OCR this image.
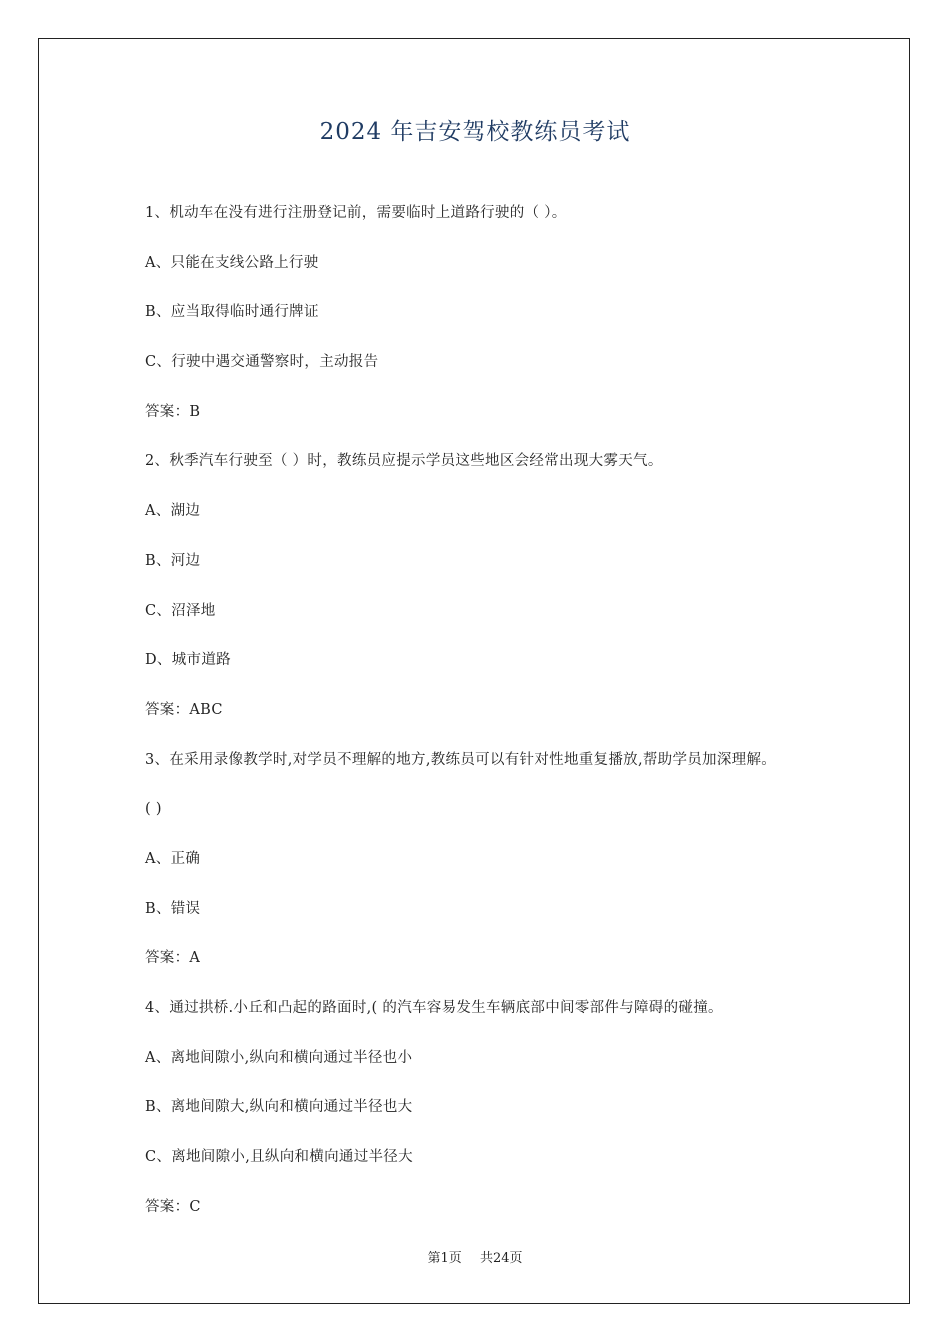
2024 年吉安驾校教练员考试
1、机动车在没有进行注册登记前，需要临时上道路行驶的（ ）。
A、只能在支线公路上行驶
B、应当取得临时通行牌证
C、行驶中遇交通警察时，主动报告
答案：B
2、秋季汽车行驶至（ ）时，教练员应提示学员这些地区会经常出现大雾天气。
A、湖边
B、河边
C、沼泽地
D、城市道路
答案：ABC
3、在采用录像教学时,对学员不理解的地方,教练员可以有针对性地重复播放,帮助学员加深理解。
( )
A、正确
B、错误
答案：A
4、通过拱桥.小丘和凸起的路面时,( 的汽车容易发生车辆底部中间零部件与障碍的碰撞。
A、离地间隙小,纵向和横向通过半径也小
B、离地间隙大,纵向和横向通过半径也大
C、离地间隙小,且纵向和横向通过半径大
答案：C
第1页 共24页
